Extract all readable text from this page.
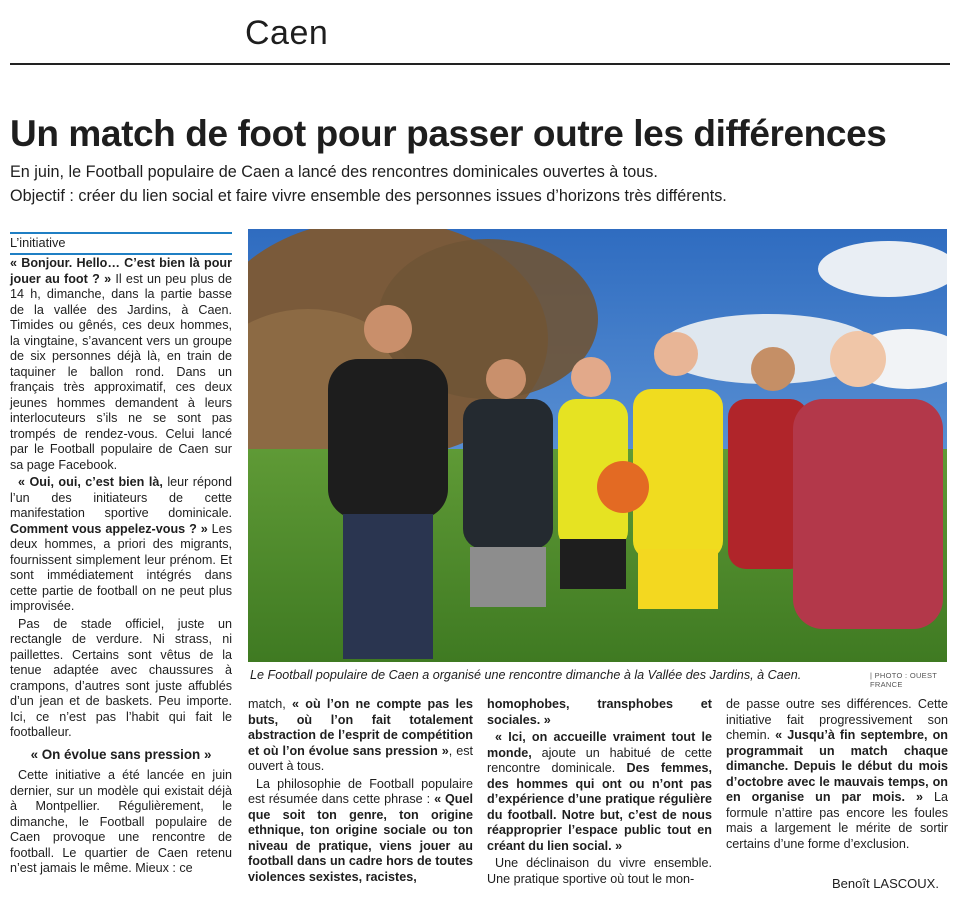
Caen
Un match de foot pour passer outre les différences
En juin, le Football populaire de Caen a lancé des rencontres dominicales ouvertes à tous.
Objectif : créer du lien social et faire vivre ensemble des personnes issues d’horizons très différents.
L’initiative

« Bonjour. Hello… C’est bien là pour jouer au foot ? » Il est un peu plus de 14 h, dimanche, dans la partie basse de la vallée des Jardins, à Caen. Timides ou gênés, ces deux hommes, la vingtaine, s’avancent vers un groupe de six personnes déjà là, en train de taquiner le ballon rond. Dans un français très approximatif, ces deux jeunes hommes demandent à leurs interlocuteurs s’ils ne se sont pas trompés de rendez-vous. Celui lancé par le Football populaire de Caen sur sa page Facebook.

« Oui, oui, c’est bien là, leur répond l’un des initiateurs de cette manifestation sportive dominicale. Comment vous appelez-vous ? » Les deux hommes, a priori des migrants, fournissent simplement leur prénom. Et sont immédiatement intégrés dans cette partie de football on ne peut plus improvisée.

Pas de stade officiel, juste un rectangle de verdure. Ni strass, ni paillettes. Certains sont vêtus de la tenue adaptée avec chaussures à crampons, d’autres sont juste affublés d’un jean et de baskets. Peu importe. Ici, ce n’est pas l’habit qui fait le footballeur.

« On évolue sans pression »

Cette initiative a été lancée en juin dernier, sur un modèle qui existait déjà à Montpellier. Régulièrement, le dimanche, le Football populaire de Caen provoque une rencontre de football. Le quartier de Caen retenu n’est jamais le même. Mieux : ce

Le Football populaire de Caen a organisé une rencontre dimanche à la Vallée des Jardins, à Caen.	| PHOTO : OUEST FRANCE

match, « où l’on ne compte pas les buts, où l’on fait totalement abstraction de l’esprit de compétition et où l’on évolue sans pression », est ouvert à tous.

La philosophie de Football populaire est résumée dans cette phrase : « Quel que soit ton genre, ton origine ethnique, ton origine sociale ou ton niveau de pratique, viens jouer au football dans un cadre hors de toutes violences sexistes, racistes,

homophobes, transphobes et sociales. »

« Ici, on accueille vraiment tout le monde, ajoute un habitué de cette rencontre dominicale. Des femmes, des hommes qui ont ou n’ont pas d’expérience d’une pratique régulière du football. Notre but, c’est de nous réapproprier l’espace public tout en créant du lien social. »

Une déclinaison du vivre ensemble. Une pratique sportive où tout le mon-

de passe outre ses différences. Cette initiative fait progressivement son chemin. « Jusqu’à fin septembre, on programmait un match chaque dimanche. Depuis le début du mois d’octobre avec le mauvais temps, on en organise un par mois. » La formule n’attire pas encore les foules mais a largement le mérite de sortir certains d’une forme d’exclusion.

Benoît LASCOUX.
